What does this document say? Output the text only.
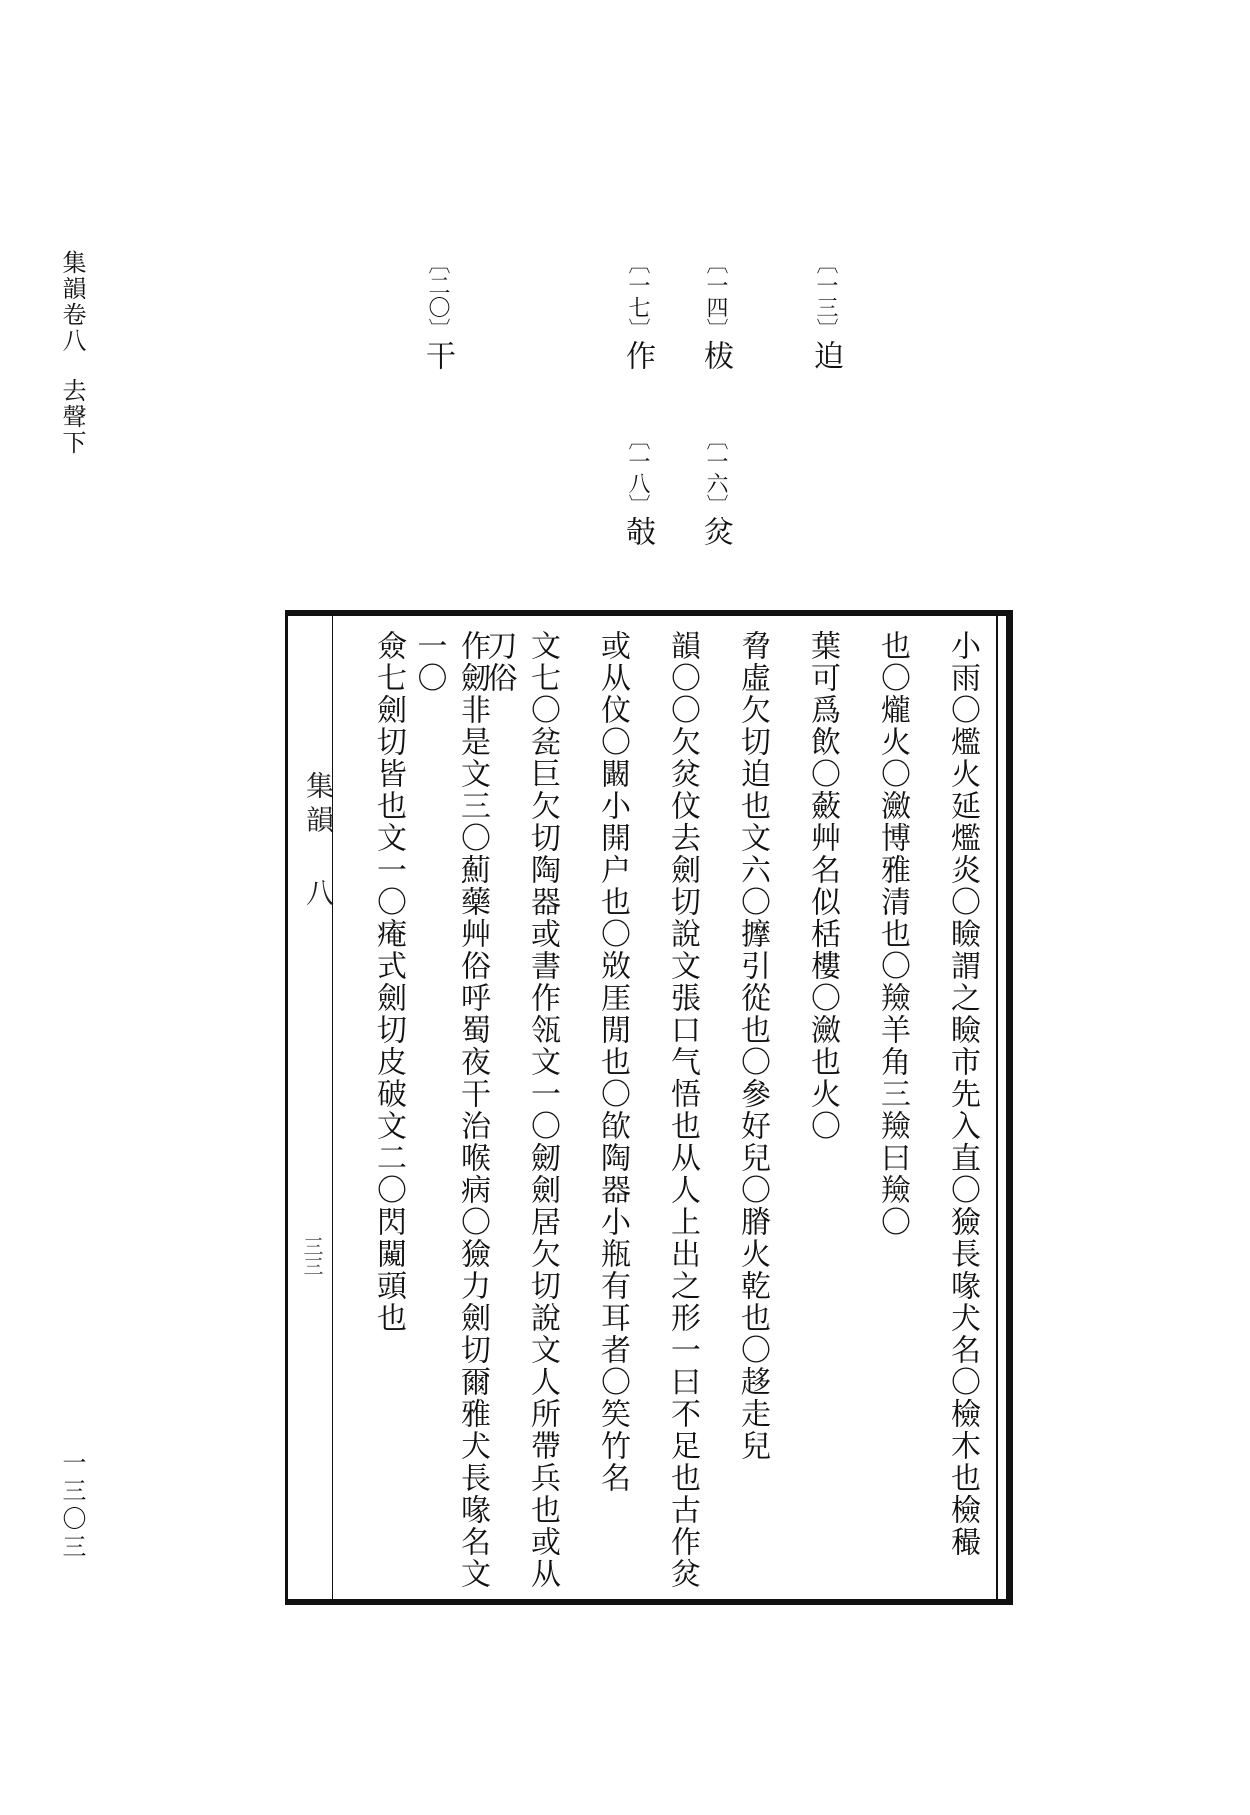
集韻卷八去聲下
一三〇三
〔一三〕迫
〔一四〕柭
〔一七〕作
〔二〇〕干
〔一六〕炃
〔一八〕攲
集韻 八
三三	小雨〇爁火延爁炎〇瞼謂之瞼市先入直〇獫長喙犬名〇檢木也檢穝
也〇爖火〇瀲博雅清也〇羷羊角三羷曰羷〇
葉可爲飲〇蘞艸名似栝樓〇瀲也火〇
脅虛欠切迫也文六〇擵引從也〇參好兒〇膌火乾也〇趍走兒
韻〇〇欠炃伩去劍切說文張口气悟也从人上出之形一曰不足也古作炃
或从伩〇闞小開户也〇敚厓閒也〇欿陶器小瓶有耳者〇笶竹名
文七〇瓫巨欠切陶器或書作瓴文一〇劒劍居欠切說文人所帶兵也或从刀俗
作劒非是文三〇薊藥艸俗呼蜀夜干治喉病〇獫力劍切爾雅犬長喙名文一〇
僉七劍切皆也文一〇痷式劍切皮破文二〇閃闚頭也
